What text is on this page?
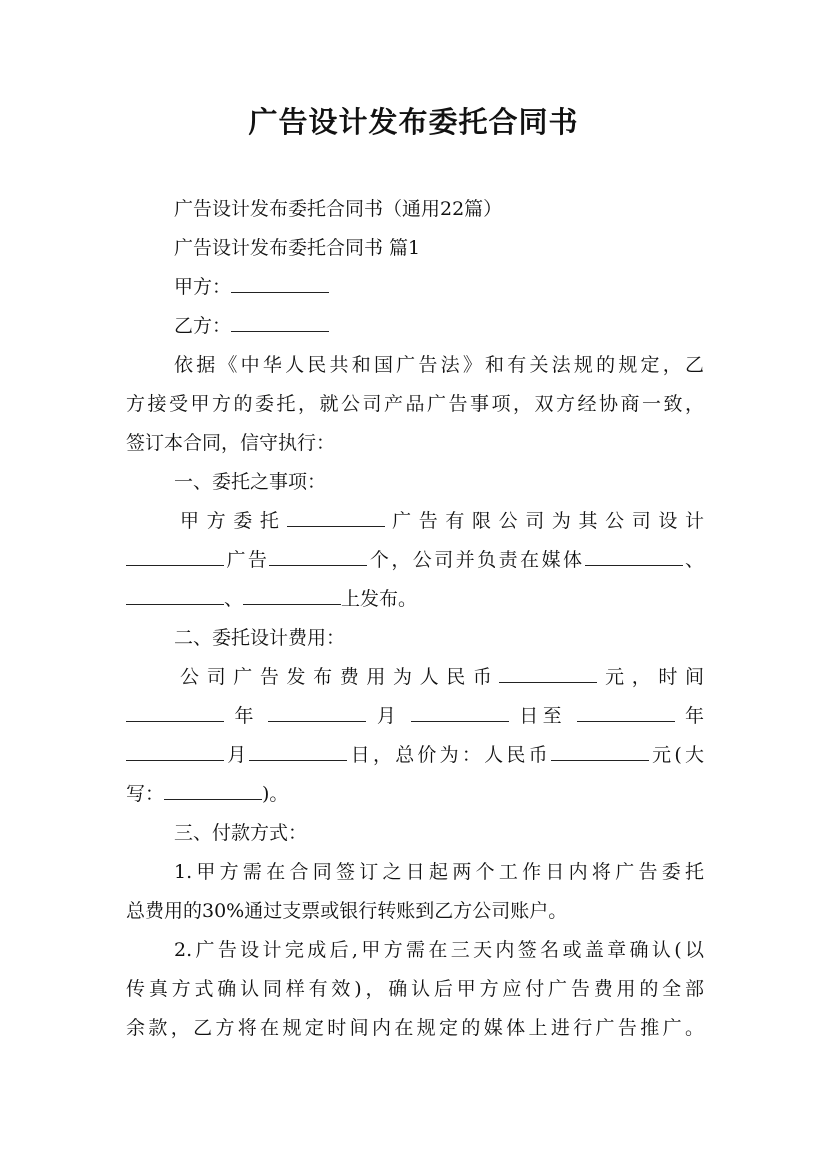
广告设计发布委托合同书
广告设计发布委托合同书（通用22篇）
广告设计发布委托合同书 篇1
甲方：
乙方：
依据《中华人民共和国广告法》和有关法规的规定，乙
方接受甲方的委托，就公司产品广告事项，双方经协商一致，
签订本合同，信守执行：
一、委托之事项：
甲方委托	广告有限公司为其公司设计
广告	个，公司并负责在媒体	、
、	上发布。
二、委托设计费用：
公司广告发布费用为人民币	元，时间
年	月	日至	年
月	日，总价为：人民币	元(大
写：	)。
三、付款方式：
1.甲方需在合同签订之日起两个工作日内将广告委托
总费用的30%通过支票或银行转账到乙方公司账户。
2.广告设计完成后,甲方需在三天内签名或盖章确认(以
传真方式确认同样有效)，确认后甲方应付广告费用的全部
余款，乙方将在规定时间内在规定的媒体上进行广告推广。
